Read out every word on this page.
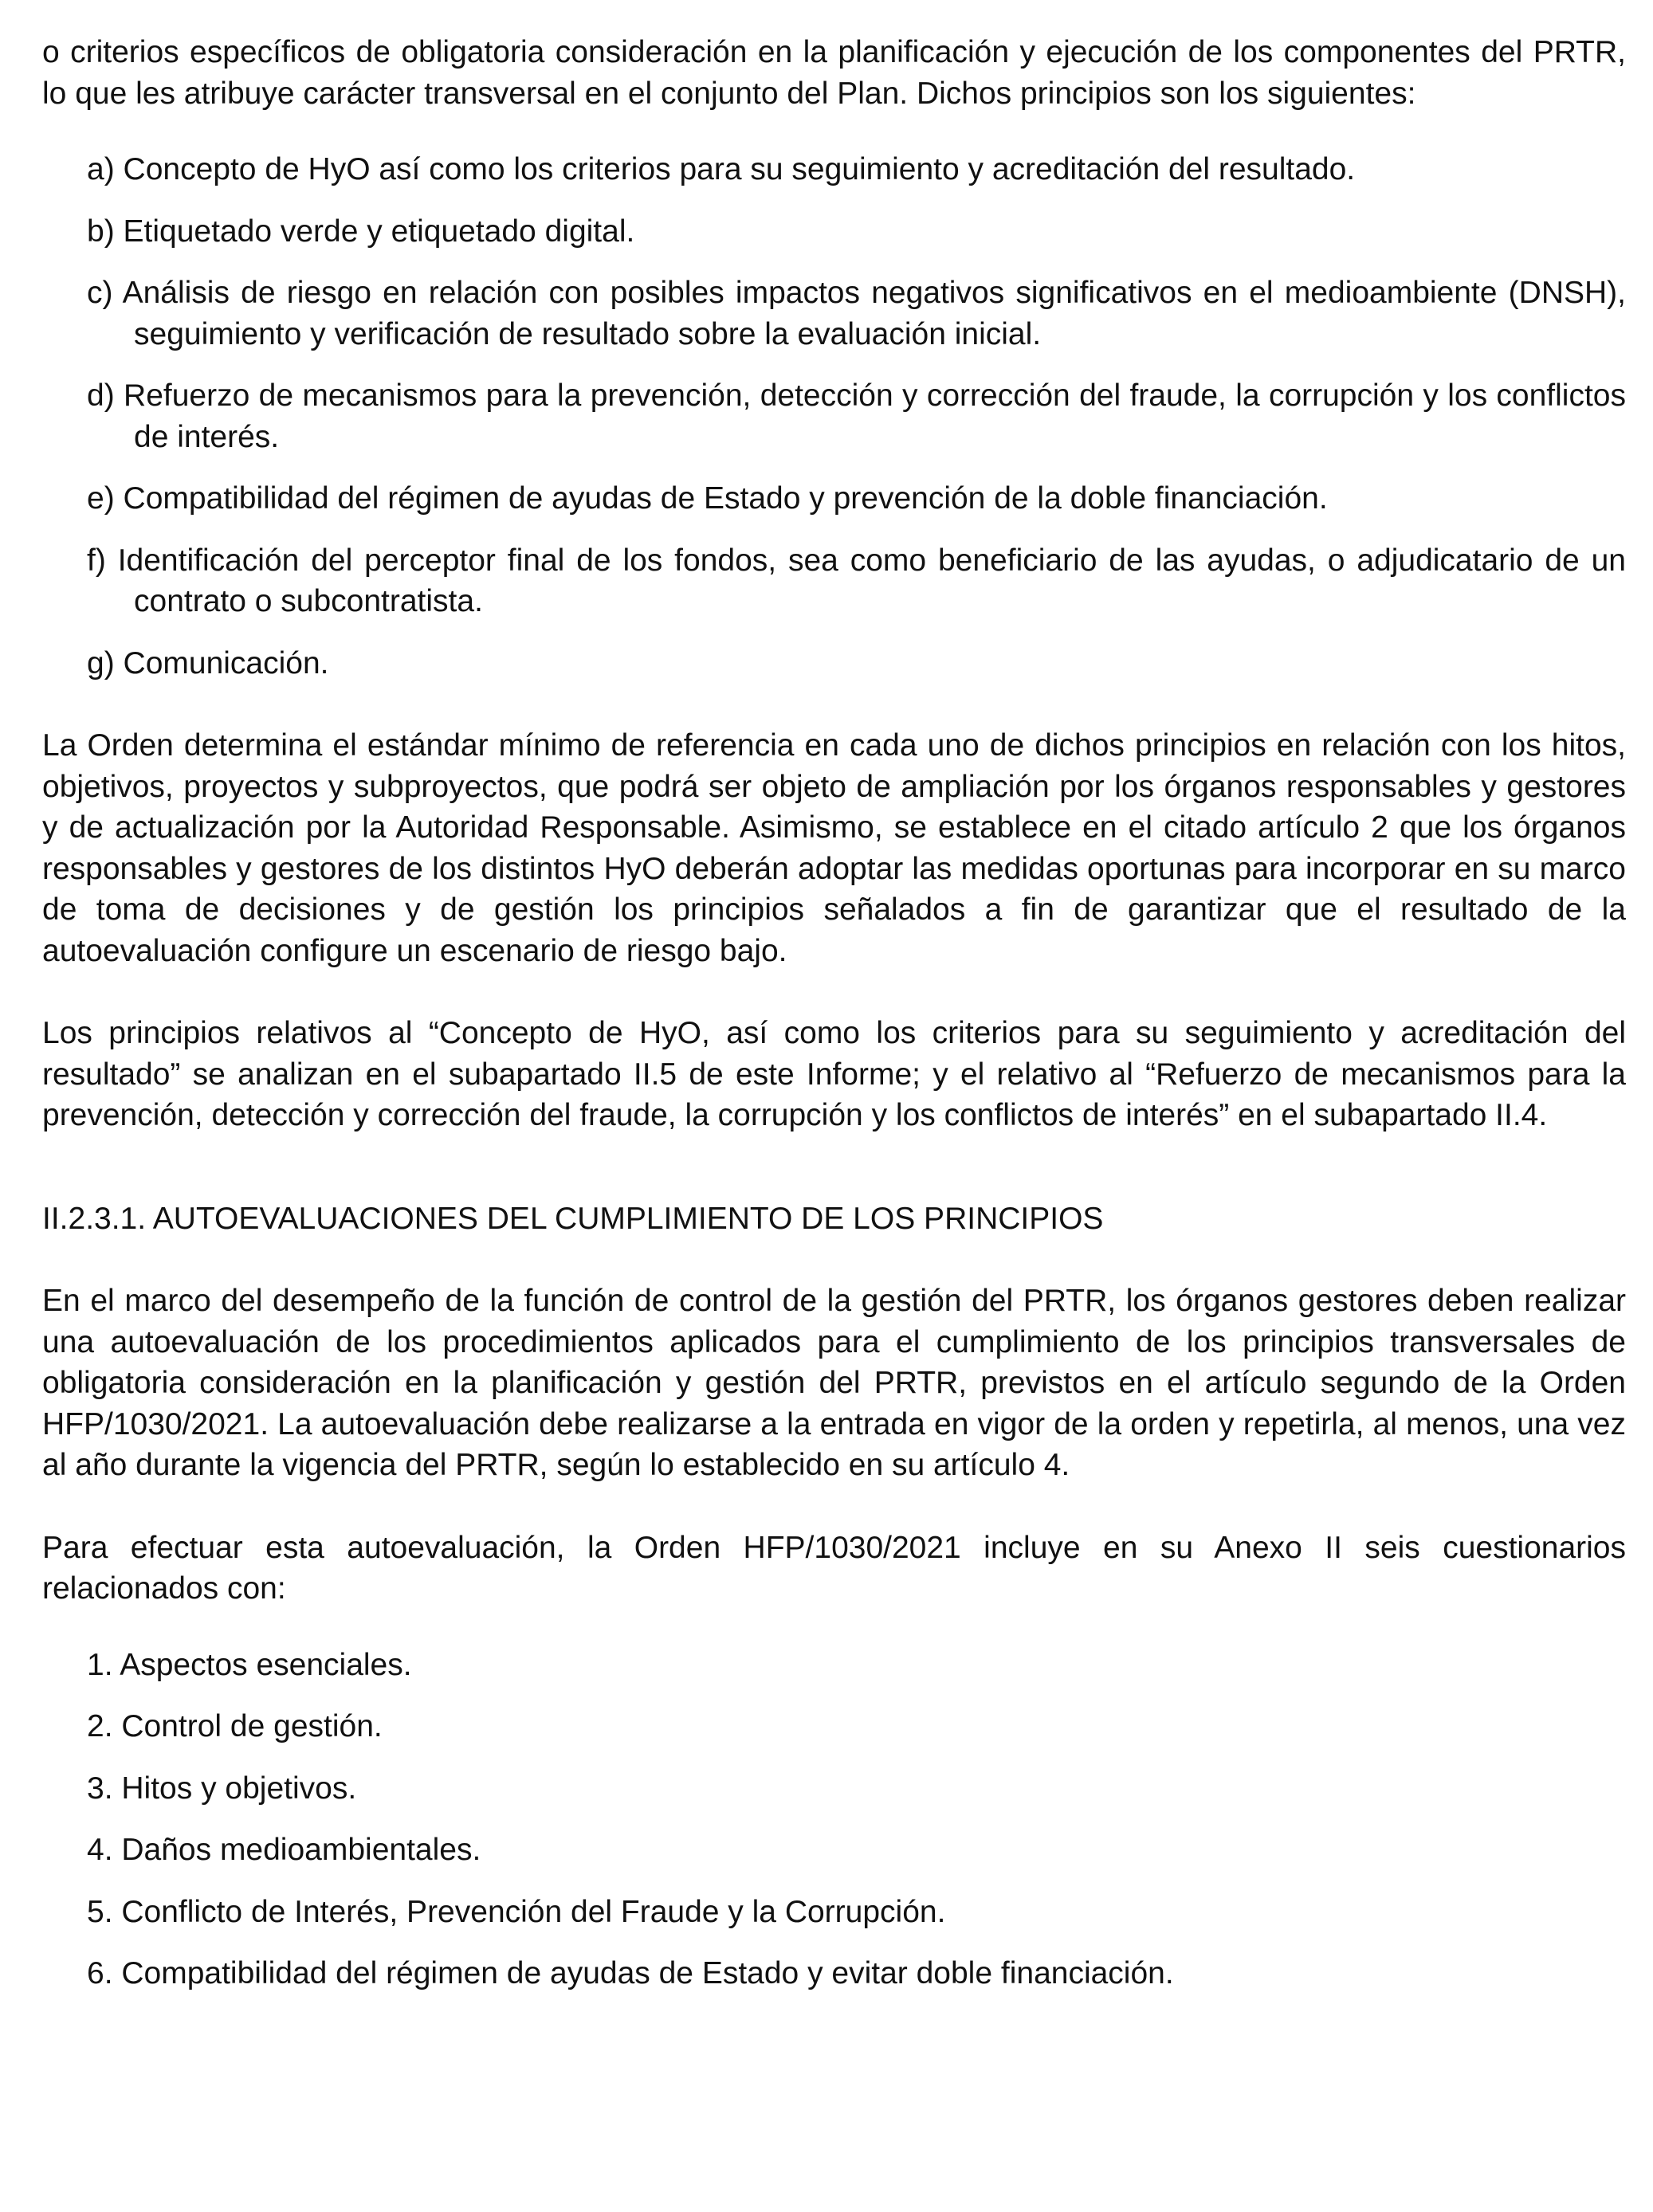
o criterios específicos de obligatoria consideración en la planificación y ejecución de los componentes del PRTR, lo que les atribuye carácter transversal en el conjunto del Plan. Dichos principios son los siguientes:

a) Concepto de HyO así como los criterios para su seguimiento y acreditación del resultado.
b) Etiquetado verde y etiquetado digital.
c) Análisis de riesgo en relación con posibles impactos negativos significativos en el medioambiente (DNSH), seguimiento y verificación de resultado sobre la evaluación inicial.
d) Refuerzo de mecanismos para la prevención, detección y corrección del fraude, la corrupción y los conflictos de interés.
e) Compatibilidad del régimen de ayudas de Estado y prevención de la doble financiación.
f) Identificación del perceptor final de los fondos, sea como beneficiario de las ayudas, o adjudicatario de un contrato o subcontratista.
g) Comunicación.

La Orden determina el estándar mínimo de referencia en cada uno de dichos principios en relación con los hitos, objetivos, proyectos y subproyectos, que podrá ser objeto de ampliación por los órganos responsables y gestores y de actualización por la Autoridad Responsable. Asimismo, se establece en el citado artículo 2 que los órganos responsables y gestores de los distintos HyO deberán adoptar las medidas oportunas para incorporar en su marco de toma de decisiones y de gestión los principios señalados a fin de garantizar que el resultado de la autoevaluación configure un escenario de riesgo bajo.

Los principios relativos al “Concepto de HyO, así como los criterios para su seguimiento y acreditación del resultado” se analizan en el subapartado II.5 de este Informe; y el relativo al “Refuerzo de mecanismos para la prevención, detección y corrección del fraude, la corrupción y los conflictos de interés” en el subapartado II.4.

II.2.3.1. AUTOEVALUACIONES DEL CUMPLIMIENTO DE LOS PRINCIPIOS

En el marco del desempeño de la función de control de la gestión del PRTR, los órganos gestores deben realizar una autoevaluación de los procedimientos aplicados para el cumplimiento de los principios transversales de obligatoria consideración en la planificación y gestión del PRTR, previstos en el artículo segundo de la Orden HFP/1030/2021. La autoevaluación debe realizarse a la entrada en vigor de la orden y repetirla, al menos, una vez al año durante la vigencia del PRTR, según lo establecido en su artículo 4.

Para efectuar esta autoevaluación, la Orden HFP/1030/2021 incluye en su Anexo II seis cuestionarios relacionados con:

1. Aspectos esenciales.
2. Control de gestión.
3. Hitos y objetivos.
4. Daños medioambientales.
5. Conflicto de Interés, Prevención del Fraude y la Corrupción.
6. Compatibilidad del régimen de ayudas de Estado y evitar doble financiación.
